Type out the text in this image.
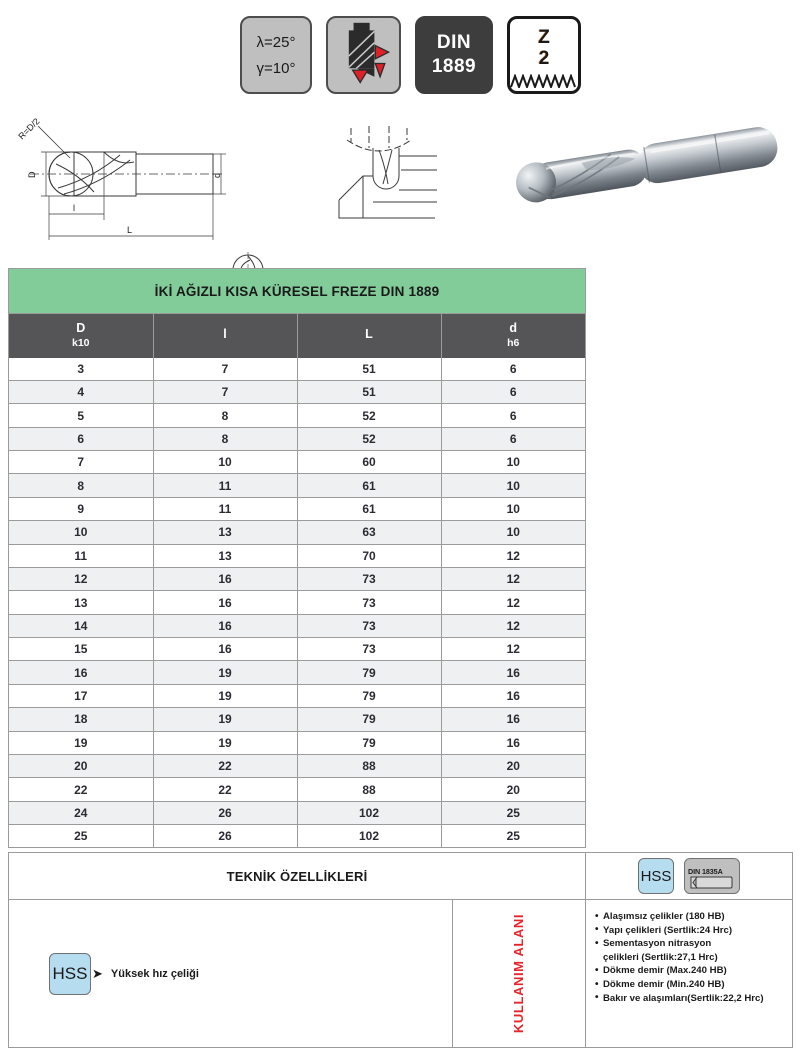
λ=25°
γ=10°
DIN
1889
Z
2
R=D/2
D	d
l
L
İKİ AĞIZLI KISA KÜRESEL FREZE DIN 1889
D
k10	l	L	d
h6

3	7	51	6
4	7	51	6
5	8	52	6
6	8	52	6
7	10	60	10
8	11	61	10
9	11	61	10
10	13	63	10
11	13	70	12
12	16	73	12
13	16	73	12
14	16	73	12
15	16	73	12
16	19	79	16
17	19	79	16
18	19	79	16
19	19	79	16
20	22	88	20
22	22	88	20
24	26	102	25
25	26	102	25
TEKNİK ÖZELLİKLERİ
HSS ➤ Yüksek hız çeliği	KULLANIM ALANI
HSS	DIN 1835A
• Alaşımsız çelikler (180 HB)
• Yapı çelikleri (Sertlik:24 Hrc)
• Sementasyon nitrasyon
çelikleri (Sertlik:27,1 Hrc)
• Dökme demir (Max.240 HB)
• Dökme demir (Min.240 HB)
• Bakır ve alaşımları(Sertlik:22,2 Hrc)
